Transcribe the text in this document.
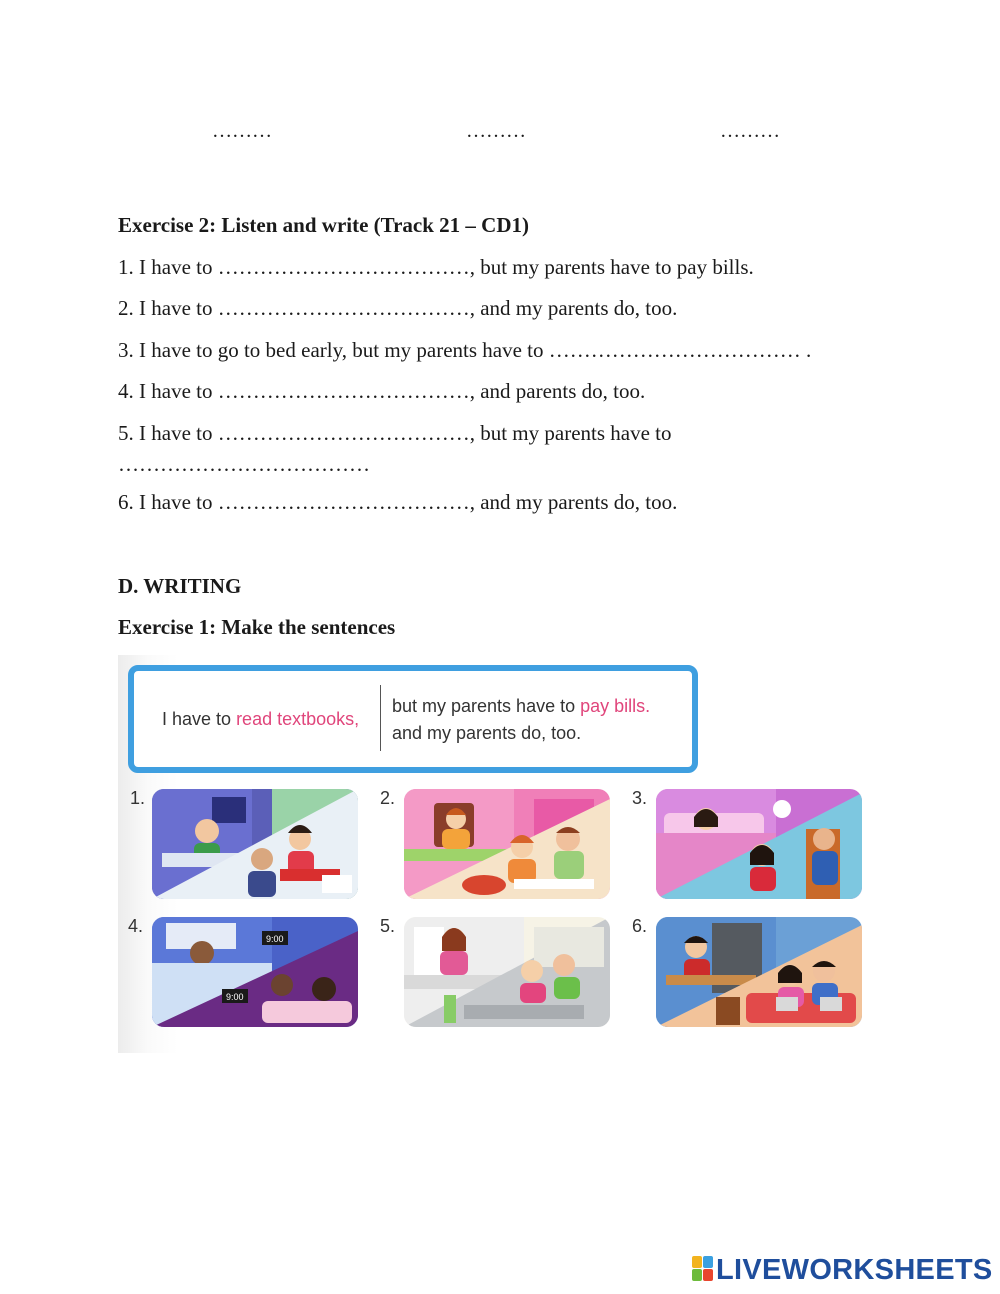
………	………	………
Exercise 2: Listen and write (Track 21 – CD1)
1. I have to ………………………………, but my parents have to pay bills.
2. I have to ………………………………, and my parents do, too.
3. I have to go to bed early, but my parents have to ……………………………… .
4. I have to ………………………………, and parents do, too.
5. I have to ………………………………, but my parents have to
………………………………
6. I have to ………………………………, and my parents do, too.
D. WRITING
Exercise 1: Make the sentences
I have to read textbooks,
but my parents have to pay bills.
and my parents do, too.
1.	2.	3.
4.	5.	6.
9:00
9:00
LIVEWORKSHEETS
